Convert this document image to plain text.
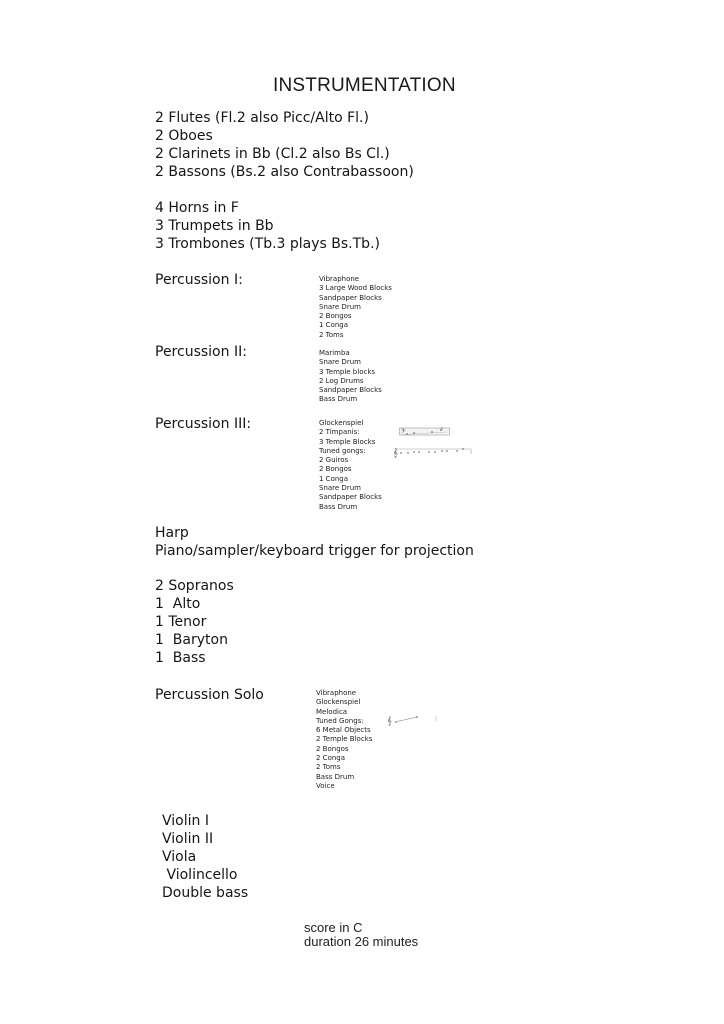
INSTRUMENTATION
2 Flutes (Fl.2 also Picc/Alto Fl.)
2 Oboes
2 Clarinets in Bb (Cl.2 also Bs Cl.)
2 Bassons (Bs.2 also Contrabassoon)
4 Horns in F
3 Trumpets in Bb
3 Trombones (Tb.3 plays Bs.Tb.)
Percussion I:	Vibraphone
3 Large Wood Blocks
Sandpaper Blocks
Snare Drum
2 Bongos
1 Conga
2 Toms
Percussion II:	Marimba
Snare Drum
3 Temple blocks
2 Log Drums
Sandpaper Blocks
Bass Drum
Percussion III:	Glockenspiel
2 Timpanis:
3 Temple Blocks
Tuned gongs:
2 Guiros
2 Bongos
1 Conga
Snare Drum
Sandpaper Blocks
Bass Drum
𝄢
𝄞
Harp
Piano/sampler/keyboard trigger for projection
2 Sopranos
1  Alto
1 Tenor
1  Baryton
1  Bass
Percussion Solo	Vibraphone
Glockenspiel
Melodica
Tuned Gongs:
6 Metal Objects
2 Temple Blocks
2 Bongos
2 Conga
2 Toms
Bass Drum
Voice
𝄞
Violin I
Violin II
Viola
Violincello
Double bass
score in C
duration 26 minutes
